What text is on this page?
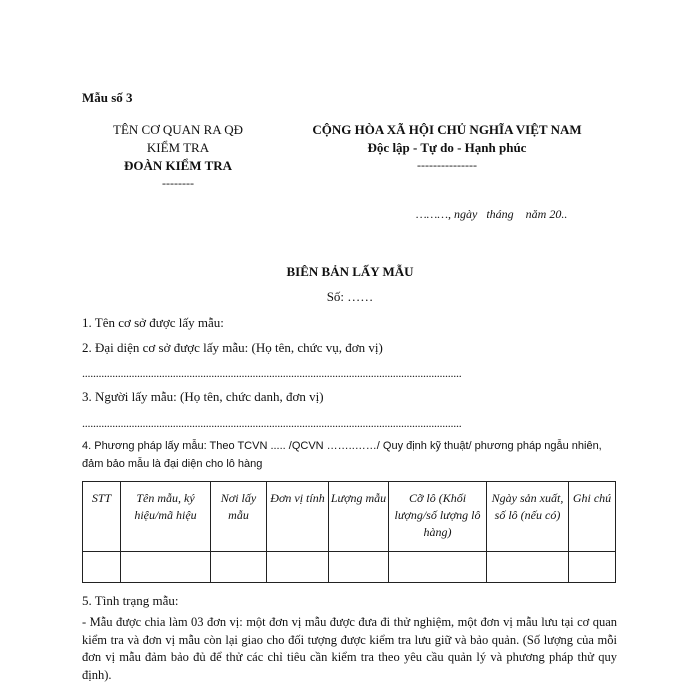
Mẫu số 3
TÊN CƠ QUAN RA QĐ
KIỂM TRA
ĐOÀN KIỂM TRA
--------
CỘNG HÒA XÃ HỘI CHỦ NGHĨA VIỆT NAM
Độc lập - Tự do - Hạnh phúc
---------------
………, ngày   tháng    năm 20..
BIÊN BẢN LẤY MẪU
Số: ……
1. Tên cơ sở được lấy mẫu:
2. Đại diện cơ sở được lấy mẫu: (Họ tên, chức vụ, đơn vị)
..........................................................................................................................................
3. Người lấy mẫu: (Họ tên, chức danh, đơn vị)
..........................................................................................................................................
4. Phương pháp lấy mẫu: Theo TCVN ..... /QCVN ……..……/ Quy định kỹ thuật/ phương pháp ngẫu nhiên,
đảm bảo mẫu là đại diện cho lô hàng
STT	Tên mẫu, ký hiệu/mã hiệu	Nơi lấy mẫu	Đơn vị tính	Lượng mẫu	Cỡ lô (Khối lượng/số lượng lô hàng)	Ngày sản xuất, số lô (nếu có)	Ghi chú

5. Tình trạng mẫu:
- Mẫu được chia làm 03 đơn vị: một đơn vị mẫu được đưa đi thử nghiệm, một đơn vị mẫu lưu tại cơ quan kiểm tra và đơn vị mẫu còn lại giao cho đối tượng được kiểm tra lưu giữ và bảo quản. (Số lượng của mỗi đơn vị mẫu đảm bảo đủ để thử các chỉ tiêu cần kiểm tra theo yêu cầu quản lý và phương pháp thử quy định).
